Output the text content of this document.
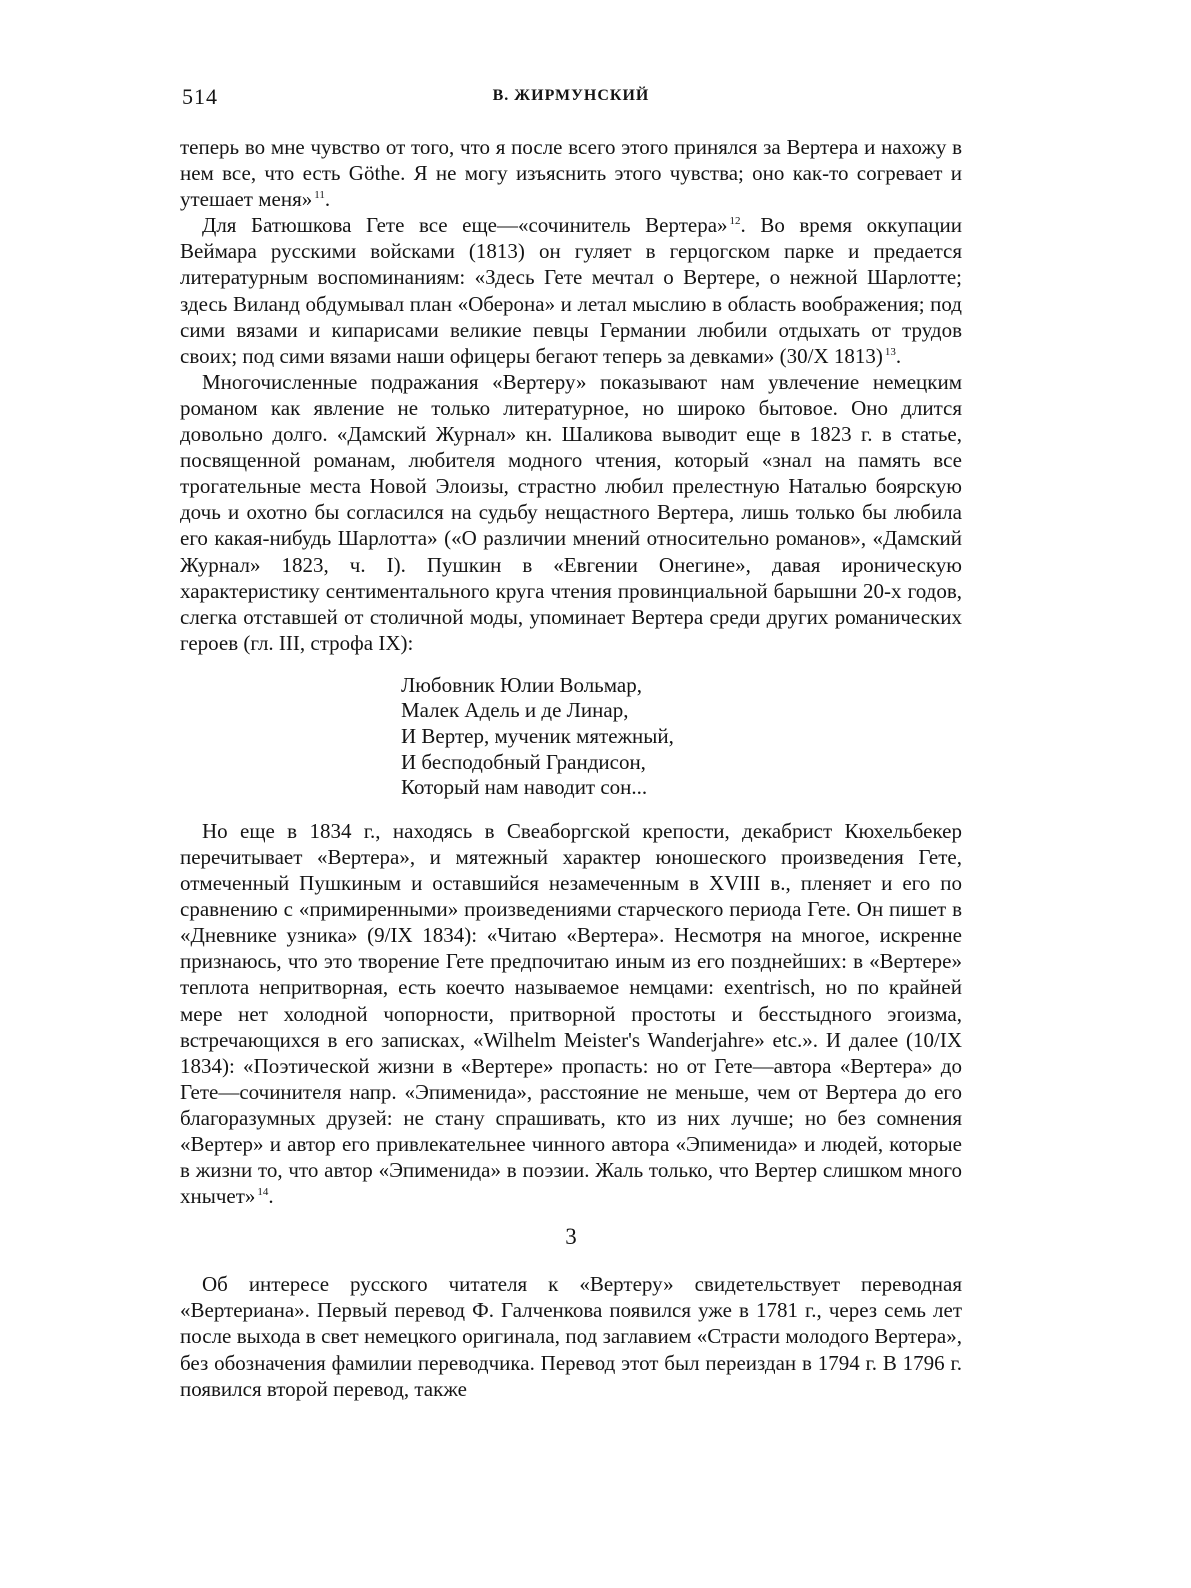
514	В. ЖИРМУНСКИЙ

теперь во мне чувство от того, что я после всего этого принялся за Вертера и нахожу в нем все, что есть Göthe. Я не могу изъяснить этого чувства; оно как-то согревает и утешает меня» $^{11}$.

Для Батюшкова Гете все еще—«сочинитель Вертера» $^{12}$. Во время оккупации Веймара русскими войсками (1813) он гуляет в герцогском парке и предается литературным воспоминаниям: «Здесь Гете мечтал о Вертере, о нежной Шарлотте; здесь Виланд обдумывал план «Оберона» и летал мыслию в область воображения; под сими вязами и кипарисами великие певцы Германии любили отдыхать от трудов своих; под сими вязами наши офицеры бегают теперь за девками» (30/X 1813) $^{13}$.

Многочисленные подражания «Вертеру» показывают нам увлечение немецким романом как явление не только литературное, но широко бытовое. Оно длится довольно долго. «Дамский Журнал» кн. Шаликова выводит еще в 1823 г. в статье, посвященной романам, любителя модного чтения, который «знал на память все трогательные места Новой Элоизы, страстно любил прелестную Наталью боярскую дочь и охотно бы согласился на судьбу нещастного Вертера, лишь только бы любила его какая-нибудь Шарлотта» («О различии мнений относительно романов», «Дамский Журнал» 1823, ч. I). Пушкин в «Евгении Онегине», давая ироническую характеристику сентиментального круга чтения провинциальной барышни 20-х годов, слегка отставшей от столичной моды, упоминает Вертера среди других романических героев (гл. III, строфа IX):

Любовник Юлии Вольмар,
Малек Адель и де Линар,
И Вертер, мученик мятежный,
И бесподобный Грандисон,
Который нам наводит сон...

Но еще в 1834 г., находясь в Свеаборгской крепости, декабрист Кюхельбекер перечитывает «Вертера», и мятежный характер юношеского произведения Гете, отмеченный Пушкиным и оставшийся незамеченным в XVIII в., пленяет и его по сравнению с «примиренными» произведениями старческого периода Гете. Он пишет в «Дневнике узника» (9/IX 1834): «Читаю «Вертера». Несмотря на многое, искренне признаюсь, что это творение Гете предпочитаю иным из его позднейших: в «Вертере» теплота непритворная, есть коечто называемое немцами: exentrisch, но по крайней мере нет холодной чопорности, притворной простоты и бесстыдного эгоизма, встречающихся в его записках, «Wilhelm Meister's Wanderjahre» etc.». И далее (10/IX 1834): «Поэтической жизни в «Вертере» пропасть: но от Гете—автора «Вертера» до Гете—сочинителя напр. «Эпименида», расстояние не меньше, чем от Вертера до его благоразумных друзей: не стану спрашивать, кто из них лучше; но без сомнения «Вертер» и автор его привлекательнее чинного автора «Эпименида» и людей, которые в жизни то, что автор «Эпименида» в поэзии. Жаль только, что Вертер слишком много хнычет» $^{14}$.

3

Об интересе русского читателя к «Вертеру» свидетельствует переводная «Вертериана». Первый перевод Ф. Галченкова появился уже в 1781 г., через семь лет после выхода в свет немецкого оригинала, под заглавием «Страсти молодого Вертера», без обозначения фамилии переводчика. Перевод этот был переиздан в 1794 г. В 1796 г. появился второй перевод, также
